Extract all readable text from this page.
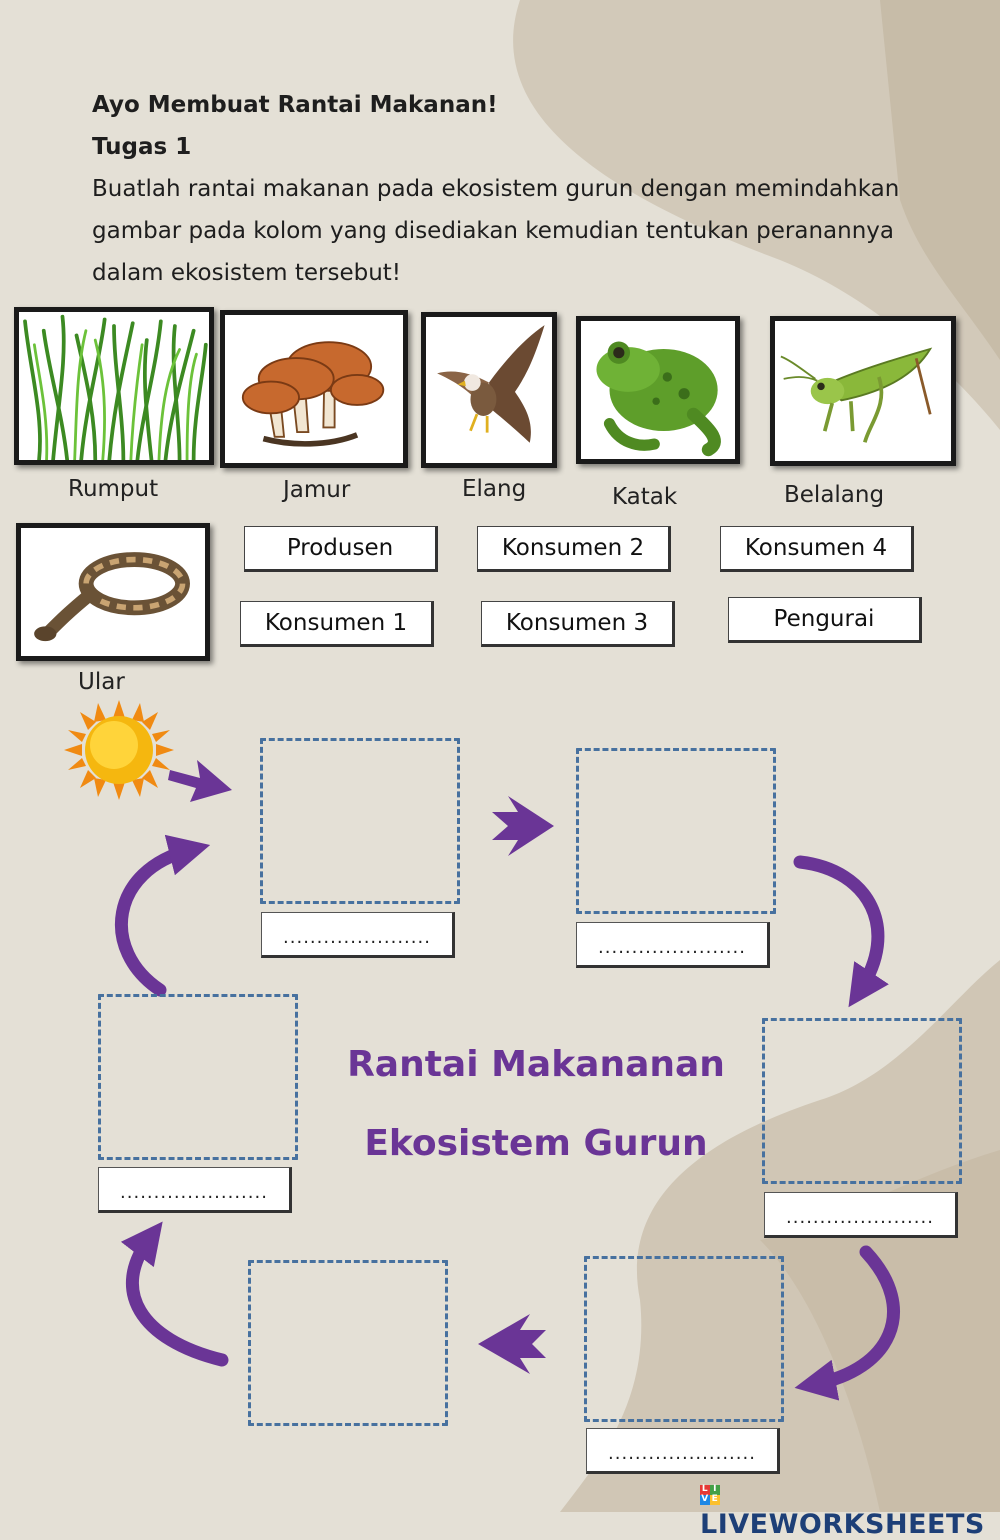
Ayo Membuat Rantai Makanan!
Tugas 1
Buatlah rantai makanan pada ekosistem gurun dengan memindahkan
gambar pada kolom yang disediakan kemudian tentukan peranannya
dalam ekosistem tersebut!
Rumput	Jamur	Elang	Katak	Belalang
Ular
Produsen	Konsumen 2	Konsumen 4
Konsumen 1	Konsumen 3	Pengurai
......................	......................
......................
......................
......................
Rantai Makananan
Ekosistem Gurun
L IV ELIVEWORKSHEETS
